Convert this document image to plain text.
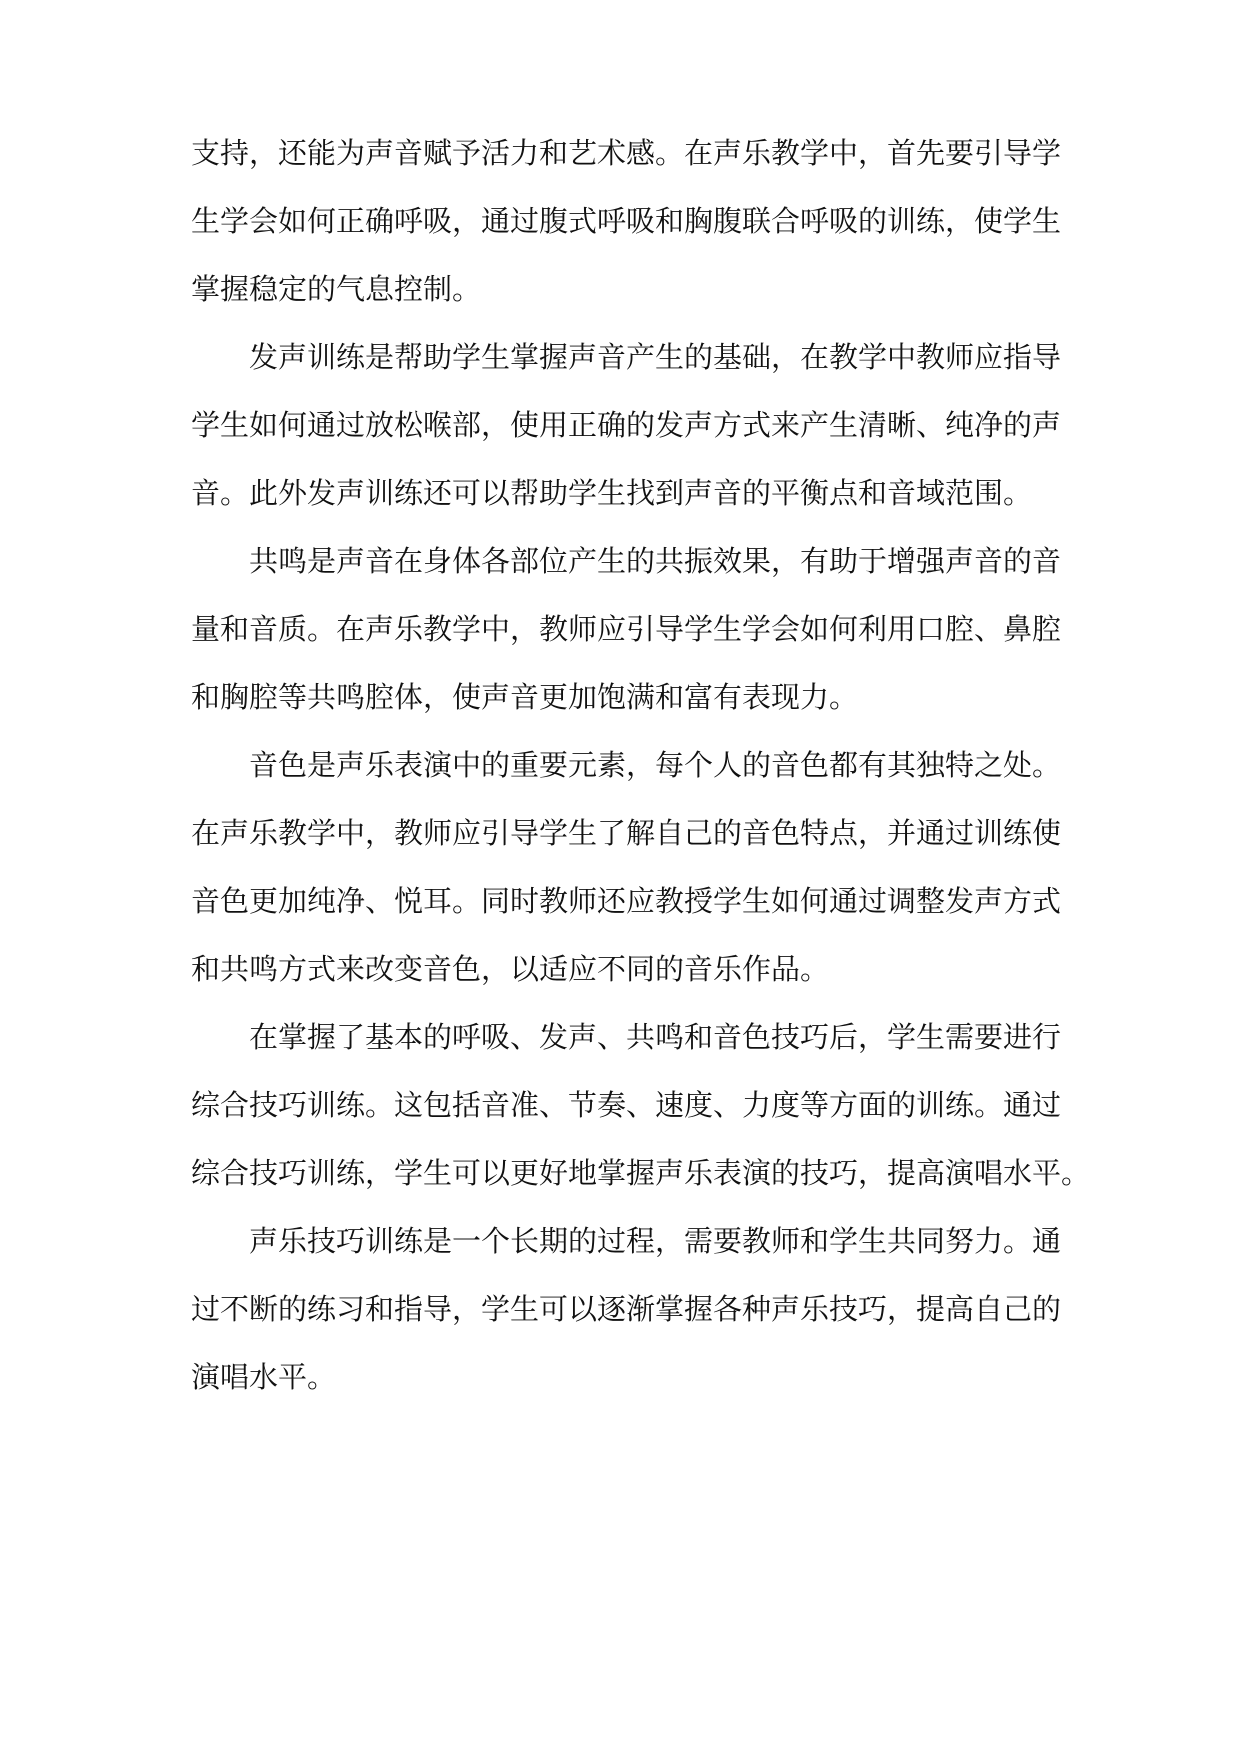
支持，还能为声音赋予活力和艺术感。在声乐教学中，首先要引导学
生学会如何正确呼吸，通过腹式呼吸和胸腹联合呼吸的训练，使学生
掌握稳定的气息控制。
发声训练是帮助学生掌握声音产生的基础，在教学中教师应指导
学生如何通过放松喉部，使用正确的发声方式来产生清晰、纯净的声
音。此外发声训练还可以帮助学生找到声音的平衡点和音域范围。
共鸣是声音在身体各部位产生的共振效果，有助于增强声音的音
量和音质。在声乐教学中，教师应引导学生学会如何利用口腔、鼻腔
和胸腔等共鸣腔体，使声音更加饱满和富有表现力。
音色是声乐表演中的重要元素，每个人的音色都有其独特之处。
在声乐教学中，教师应引导学生了解自己的音色特点，并通过训练使
音色更加纯净、悦耳。同时教师还应教授学生如何通过调整发声方式
和共鸣方式来改变音色，以适应不同的音乐作品。
在掌握了基本的呼吸、发声、共鸣和音色技巧后，学生需要进行
综合技巧训练。这包括音准、节奏、速度、力度等方面的训练。通过
综合技巧训练，学生可以更好地掌握声乐表演的技巧，提高演唱水平。
声乐技巧训练是一个长期的过程，需要教师和学生共同努力。通
过不断的练习和指导，学生可以逐渐掌握各种声乐技巧，提高自己的
演唱水平。
